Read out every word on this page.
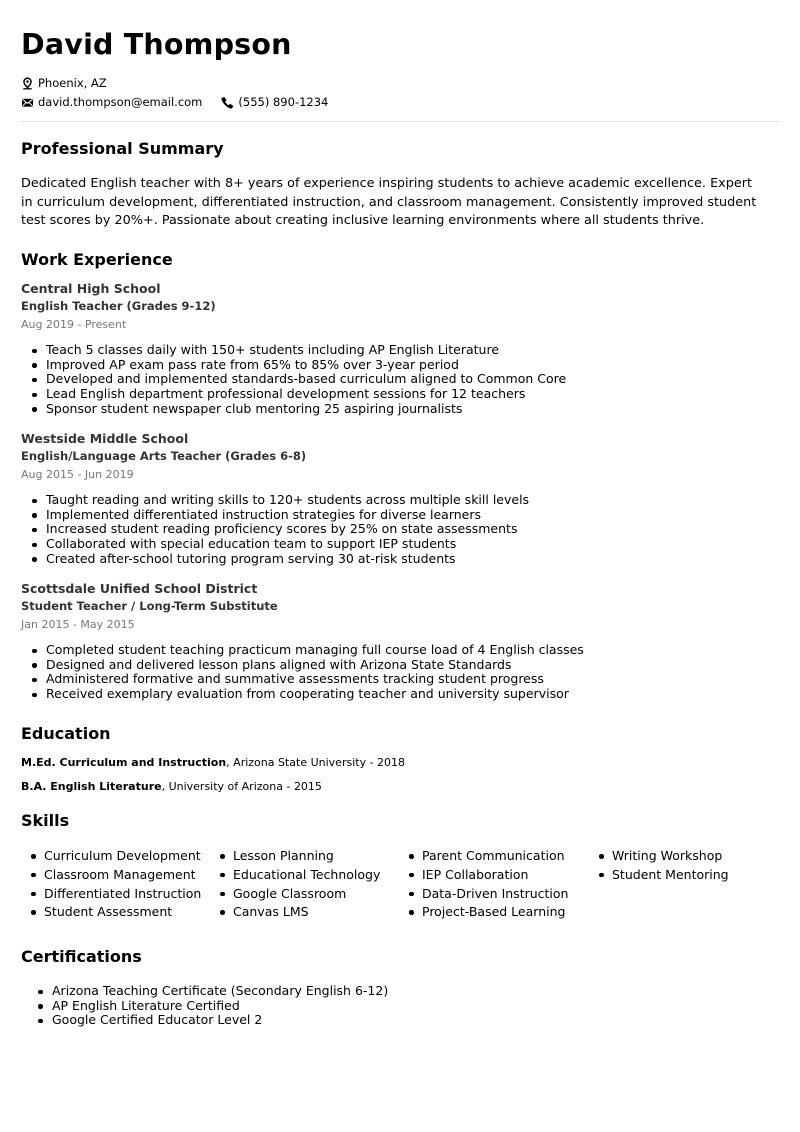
David Thompson
Phoenix, AZ
david.thompson@email.com	(555) 890-1234
Professional Summary

Dedicated English teacher with 8+ years of experience inspiring students to achieve academic excellence. Expert in curriculum development, differentiated instruction, and classroom management. Consistently improved student test scores by 20%+. Passionate about creating inclusive learning environments where all students thrive.

Work Experience
Central High School
English Teacher (Grades 9-12)
Aug 2019 - Present
Teach 5 classes daily with 150+ students including AP English Literature
Improved AP exam pass rate from 65% to 85% over 3-year period
Developed and implemented standards-based curriculum aligned to Common Core
Lead English department professional development sessions for 12 teachers
Sponsor student newspaper club mentoring 25 aspiring journalists
Westside Middle School
English/Language Arts Teacher (Grades 6-8)
Aug 2015 - Jun 2019
Taught reading and writing skills to 120+ students across multiple skill levels
Implemented differentiated instruction strategies for diverse learners
Increased student reading proficiency scores by 25% on state assessments
Collaborated with special education team to support IEP students
Created after-school tutoring program serving 30 at-risk students
Scottsdale Unified School District
Student Teacher / Long-Term Substitute
Jan 2015 - May 2015
Completed student teaching practicum managing full course load of 4 English classes
Designed and delivered lesson plans aligned with Arizona State Standards
Administered formative and summative assessments tracking student progress
Received exemplary evaluation from cooperating teacher and university supervisor
Education
M.Ed. Curriculum and Instruction, Arizona State University - 2018
B.A. English Literature, University of Arizona - 2015
Skills
Curriculum Development
Classroom Management
Differentiated Instruction
Student Assessment
Lesson Planning
Educational Technology
Google Classroom
Canvas LMS
Parent Communication
IEP Collaboration
Data-Driven Instruction
Project-Based Learning
Writing Workshop
Student Mentoring
Certifications
Arizona Teaching Certificate (Secondary English 6-12)
AP English Literature Certified
Google Certified Educator Level 2
